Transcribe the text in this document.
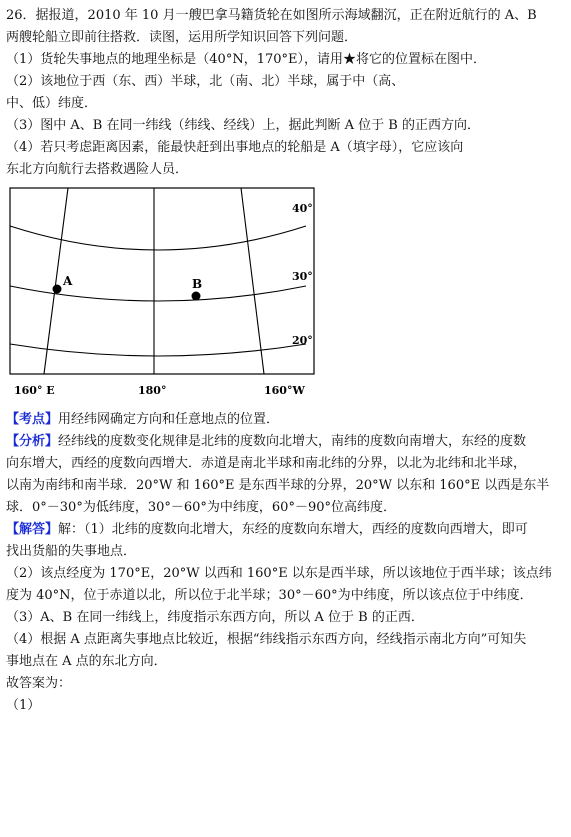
26．据报道，2010 年 10 月一艘巴拿马籍货轮在如图所示海域翻沉，正在附近航行的 A、B
两艘轮船立即前往搭救．读图，运用所学知识回答下列问题．
（1）货轮失事地点的地理坐标是（40°N，170°E），请用★将它的位置标在图中．
（2）该地位于西（东、西）半球，北（南、北）半球，属于中（高、
中、低）纬度．
（3）图中 A、B 在同一纬线（纬线、经线）上，据此判断 A 位于 B 的正西方向．
（4）若只考虑距离因素，能最快赶到出事地点的轮船是 A（填字母），它应该向
东北方向航行去搭救遇险人员．
A	B
40°
30°
20°
160° E	180°	160°W
【考点】用经纬网确定方向和任意地点的位置．
【分析】经纬线的度数变化规律是北纬的度数向北增大，南纬的度数向南增大，东经的度数
向东增大，西经的度数向西增大．赤道是南北半球和南北纬的分界，以北为北纬和北半球，
以南为南纬和南半球．20°W 和 160°E 是东西半球的分界，20°W 以东和 160°E 以西是东半
球．0°－30°为低纬度，30°－60°为中纬度，60°－90°位高纬度．
【解答】解：（1）北纬的度数向北增大，东经的度数向东增大，西经的度数向西增大，即可
找出货船的失事地点．
（2）该点经度为 170°E，20°W 以西和 160°E 以东是西半球，所以该地位于西半球；该点纬
度为 40°N，位于赤道以北，所以位于北半球；30°－60°为中纬度，所以该点位于中纬度．
（3）A、B 在同一纬线上，纬度指示东西方向，所以 A 位于 B 的正西．
（4）根据 A 点距离失事地点比较近，根据“纬线指示东西方向，经线指示南北方向”可知失
事地点在 A 点的东北方向．
故答案为：
（1）
